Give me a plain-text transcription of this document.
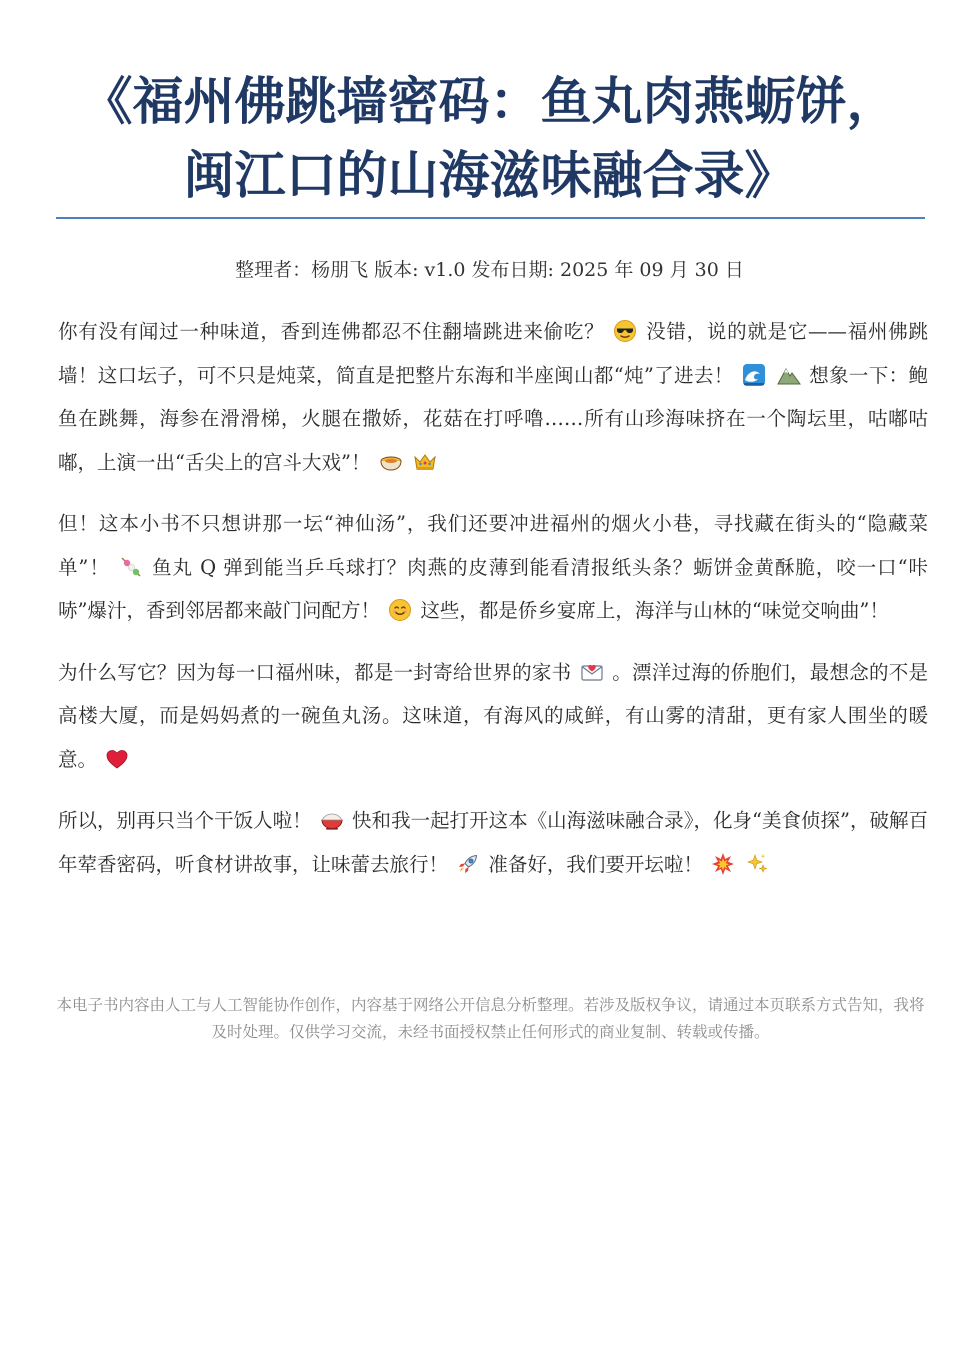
《福州佛跳墙密码：鱼丸肉燕蛎饼，
闽江口的山海滋味融合录》
整理者：杨朋飞 版本: v1.0 发布日期: 2025 年 09 月 30 日

你有没有闻过一种味道，香到连佛都忍不住翻墙跳进来偷吃？ 没错，说的就是它——福州佛跳墙！这口坛子，可不只是炖菜，简直是把整片东海和半座闽山都“炖”了进去！
	想象一下：鲍鱼在跳舞，海参在滑滑梯，火腿在撒娇，花菇在打呼噜……所有山珍海味挤在一个陶坛里，咕嘟咕嘟，上演一出“舌尖上的宫斗大戏”！

但！这本小书不只想讲那一坛“神仙汤”，我们还要冲进福州的烟火小巷，寻找藏在街头的“隐藏菜单”！ 鱼丸 Q 弹到能当乒乓球打？肉燕的皮薄到能看清报纸头条？蛎饼金黄酥脆，咬一口“咔哧”爆汁，香到邻居都来敲门问配方！ 这些，都是侨乡宴席上，海洋与山林的“味觉交响曲”！

为什么写它？因为每一口福州味，都是一封寄给世界的家书 。漂洋过海的侨胞们，最想念的不是高楼大厦，而是妈妈煮的一碗鱼丸汤。这味道，有海风的咸鲜，有山雾的清甜，更有家人围坐的暖意。

所以，别再只当个干饭人啦！ 快和我一起打开这本《山海滋味融合录》，化身“美食侦探”，破解百年荤香密码，听食材讲故事，让味蕾去旅行！ 准备好，我们要开坛啦！

本电子书内容由人工与人工智能协作创作，内容基于网络公开信息分析整理。若涉及版权争议，请通过本页联系方式告知，我将及时处理。仅供学习交流，未经书面授权禁止任何形式的商业复制、转载或传播。
